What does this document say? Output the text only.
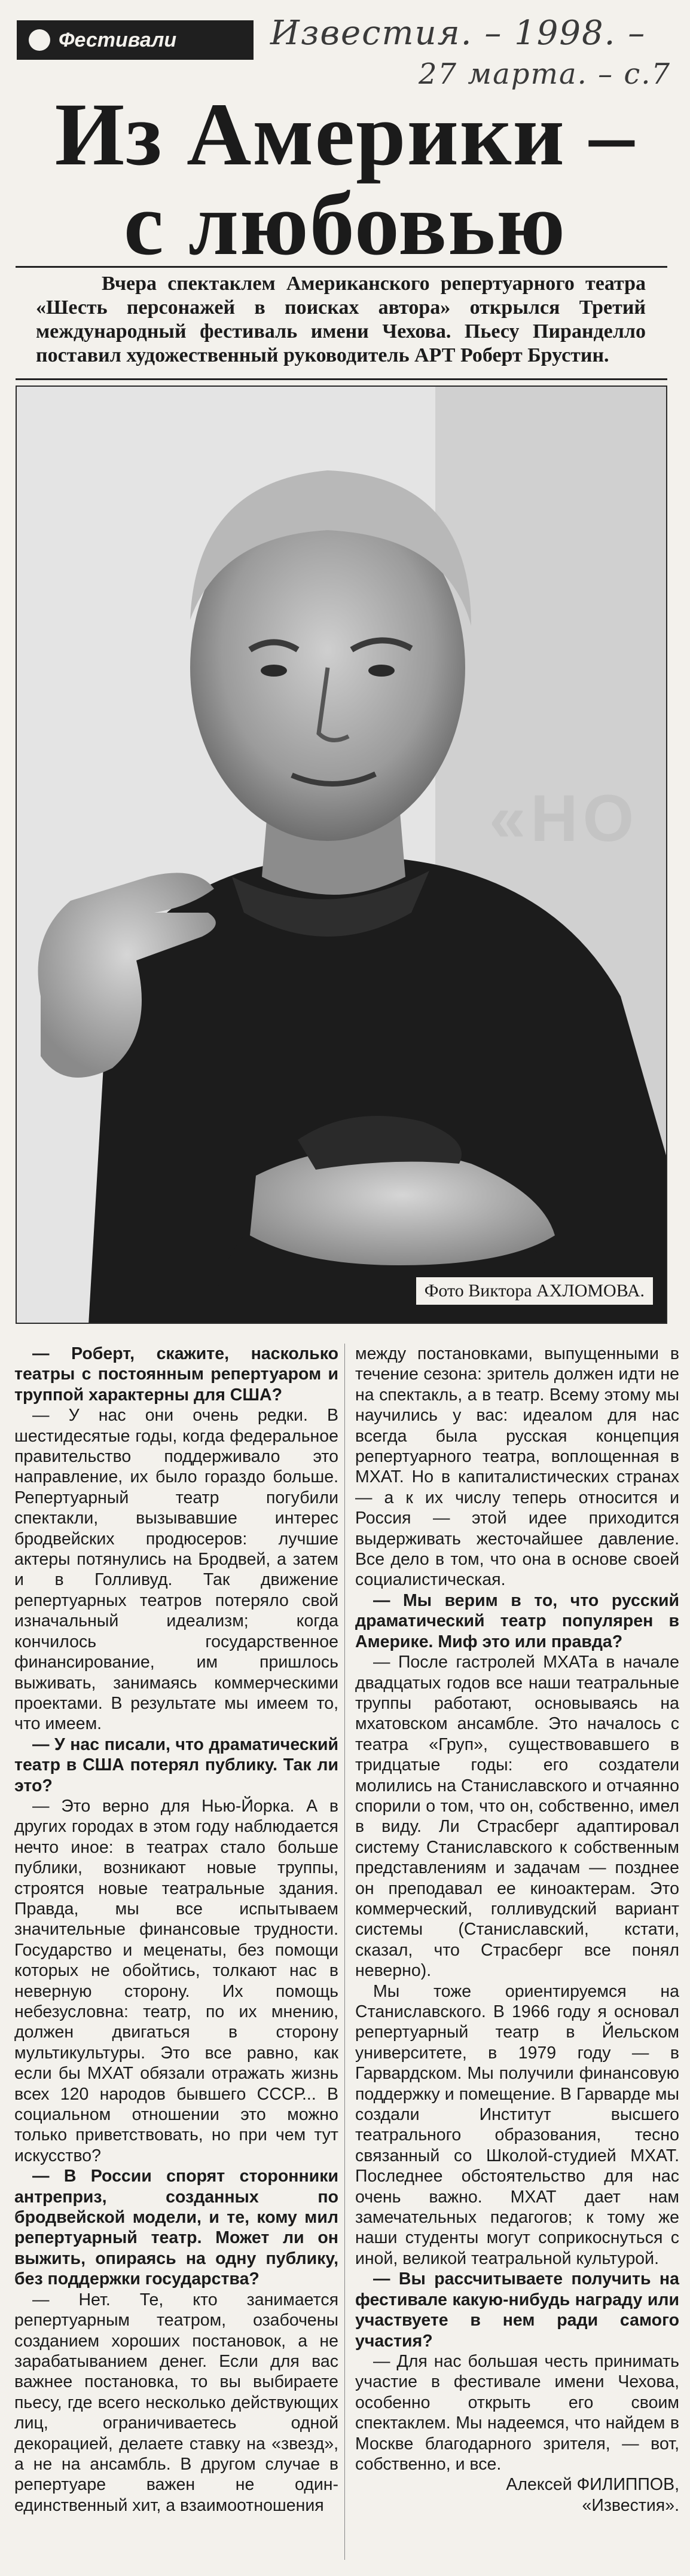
Фестивали	Известия. – 1998. –
27 марта. – с.7
Из Америки –
с любовью
Вчера спектаклем Американского репертуарного театра «Шесть персонажей в поисках автора» открылся Третий международный фестиваль имени Чехова. Пьесу Пиранделло поставил художественный руководитель АРТ Роберт Брустин.
«НО
Фото Виктора АХЛОМОВА.

— Роберт, скажите, насколько театры с постоянным репертуаром и труппой характерны для США?

— У нас они очень редки. В шестидесятые годы, когда федеральное правительство поддерживало это направление, их было гораздо больше. Репертуарный театр погубили спектакли, вызывавшие интерес бродвейских продюсеров: лучшие актеры потянулись на Бродвей, а затем и в Голливуд. Так движение репертуарных театров потеряло свой изначальный идеализм; когда кончилось государственное финансирование, им пришлось выживать, занимаясь коммерческими проектами. В результате мы имеем то, что имеем.

— У нас писали, что драматический театр в США потерял публику. Так ли это?

— Это верно для Нью-Йорка. А в других городах в этом году наблюдается нечто иное: в театрах стало больше публики, возникают новые труппы, строятся новые театральные здания. Правда, мы все испытываем значительные финансовые трудности. Государство и меценаты, без помощи которых не обойтись, толкают нас в неверную сторону. Их помощь небезусловна: театр, по их мнению, должен двигаться в сторону мультикультуры. Это все равно, как если бы МХАТ обязали отражать жизнь всех 120 народов бывшего СССР... В социальном отношении это можно только приветствовать, но при чем тут искусство?

— В России спорят сторонники антреприз, созданных по бродвейской модели, и те, кому мил репертуарный театр. Может ли он выжить, опираясь на одну публику, без поддержки государства?

— Нет. Те, кто занимается репертуарным театром, озабочены созданием хороших постановок, а не зарабатыванием денег. Если для вас важнее постановка, то вы выбираете пьесу, где всего несколько действующих лиц, ограничиваетесь одной декорацией, делаете ставку на «звезд», а не на ансамбль. В другом случае в репертуаре важен не один-единственный хит, а взаимоотношения

между постановками, выпущенными в течение сезона: зритель должен идти не на спектакль, а в театр. Всему этому мы научились у вас: идеалом для нас всегда была русская концепция репертуарного театра, воплощенная в МХАТ. Но в капиталистических странах — а к их числу теперь относится и Россия — этой идее приходится выдерживать жесточайшее давление. Все дело в том, что она в основе своей социалистическая.

— Мы верим в то, что русский драматический театр популярен в Америке. Миф это или правда?

— После гастролей МХАТа в начале двадцатых годов все наши театральные труппы работают, основываясь на мхатовском ансамбле. Это началось с театра «Груп», существовавшего в тридцатые годы: его создатели молились на Станиславского и отчаянно спорили о том, что он, собственно, имел в виду. Ли Страсберг адаптировал систему Станиславского к собственным представлениям и задачам — позднее он преподавал ее киноактерам. Это коммерческий, голливудский вариант системы (Станиславский, кстати, сказал, что Страсберг все понял неверно).

Мы тоже ориентируемся на Станиславского. В 1966 году я основал репертуарный театр в Йельском университете, в 1979 году — в Гарвардском. Мы получили финансовую поддержку и помещение. В Гарварде мы создали Институт высшего театрального образования, тесно связанный со Школой-студией МХАТ. Последнее обстоятельство для нас очень важно. МХАТ дает нам замечательных педагогов; к тому же наши студенты могут соприкоснуться с иной, великой театральной культурой.

— Вы рассчитываете получить на фестивале какую-нибудь награду или участвуете в нем ради самого участия?

— Для нас большая честь принимать участие в фестивале имени Чехова, особенно открыть его своим спектаклем. Мы надеемся, что найдем в Москве благодарного зрителя, — вот, собственно, и все.

Алексей ФИЛИППОВ,

«Известия».
